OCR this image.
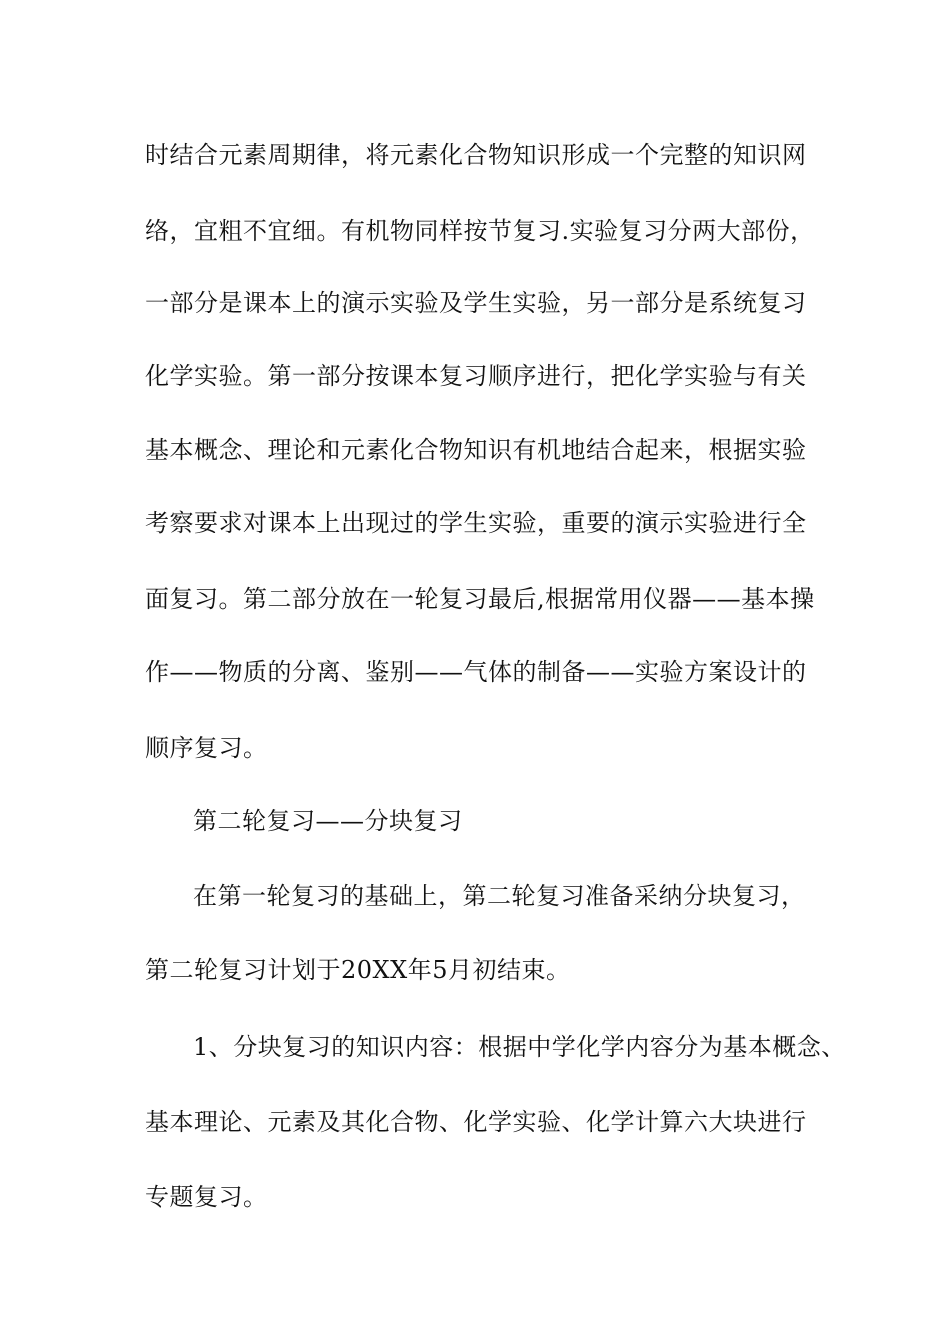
时结合元素周期律，将元素化合物知识形成一个完整的知识网
络，宜粗不宜细。有机物同样按节复习.实验复习分两大部份，
一部分是课本上的演示实验及学生实验，另一部分是系统复习
化学实验。第一部分按课本复习顺序进行，把化学实验与有关
基本概念、理论和元素化合物知识有机地结合起来，根据实验
考察要求对课本上出现过的学生实验，重要的演示实验进行全
面复习。第二部分放在一轮复习最后,根据常用仪器——基本操
作——物质的分离、鉴别——气体的制备——实验方案设计的
顺序复习。
第二轮复习——分块复习
在第一轮复习的基础上，第二轮复习准备采纳分块复习，
第二轮复习计划于20XX年5月初结束。
1、分块复习的知识内容：根据中学化学内容分为基本概念、
基本理论、元素及其化合物、化学实验、化学计算六大块进行
专题复习。
